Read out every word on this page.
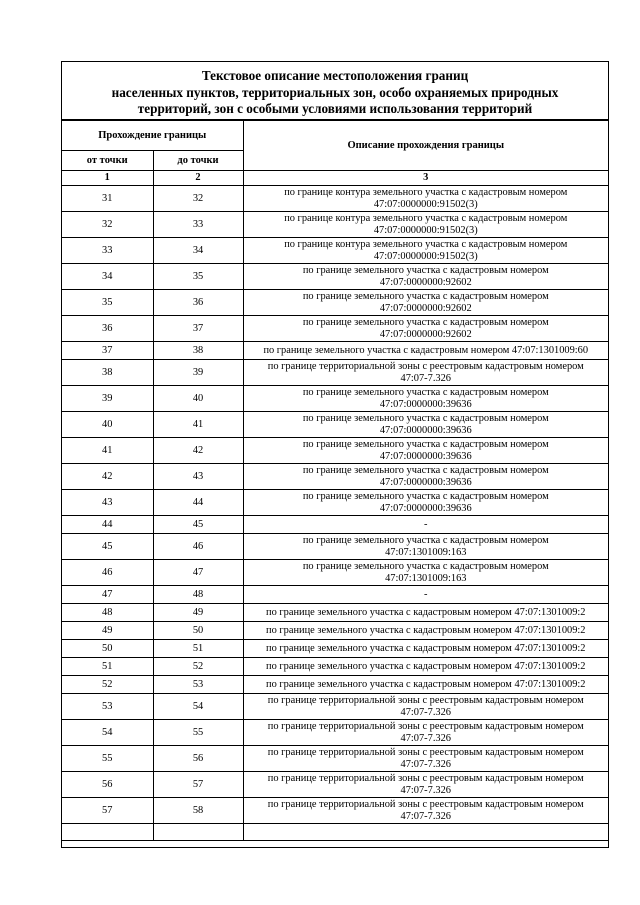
Текстовое описание местоположения границ
населенных пунктов, территориальных зон, особо охраняемых природных
территорий, зон с особыми условиями использования территорий
Прохождение границы		Описание прохождения границы
от точки	до точки	
1	2	3
31	32	по границе контура земельного участка с кадастровым номером
47:07:0000000:91502(3)
32	33	по границе контура земельного участка с кадастровым номером
47:07:0000000:91502(3)
33	34	по границе контура земельного участка с кадастровым номером
47:07:0000000:91502(3)
34	35	по границе земельного участка с кадастровым номером
47:07:0000000:92602
35	36	по границе земельного участка с кадастровым номером
47:07:0000000:92602
36	37	по границе земельного участка с кадастровым номером
47:07:0000000:92602
37	38	по границе земельного участка с кадастровым номером 47:07:1301009:60
38	39	по границе территориальной зоны с реестровым кадастровым номером
47:07-7.326
39	40	по границе земельного участка с кадастровым номером
47:07:0000000:39636
40	41	по границе земельного участка с кадастровым номером
47:07:0000000:39636
41	42	по границе земельного участка с кадастровым номером
47:07:0000000:39636
42	43	по границе земельного участка с кадастровым номером
47:07:0000000:39636
43	44	по границе земельного участка с кадастровым номером
47:07:0000000:39636
44	45	-
45	46	по границе земельного участка с кадастровым номером
47:07:1301009:163
46	47	по границе земельного участка с кадастровым номером
47:07:1301009:163
47	48	-
48	49	по границе земельного участка с кадастровым номером 47:07:1301009:2
49	50	по границе земельного участка с кадастровым номером 47:07:1301009:2
50	51	по границе земельного участка с кадастровым номером 47:07:1301009:2
51	52	по границе земельного участка с кадастровым номером 47:07:1301009:2
52	53	по границе земельного участка с кадастровым номером 47:07:1301009:2
53	54	по границе территориальной зоны с реестровым кадастровым номером
47:07-7.326
54	55	по границе территориальной зоны с реестровым кадастровым номером
47:07-7.326
55	56	по границе территориальной зоны с реестровым кадастровым номером
47:07-7.326
56	57	по границе территориальной зоны с реестровым кадастровым номером
47:07-7.326
57	58	по границе территориальной зоны с реестровым кадастровым номером
47:07-7.326
